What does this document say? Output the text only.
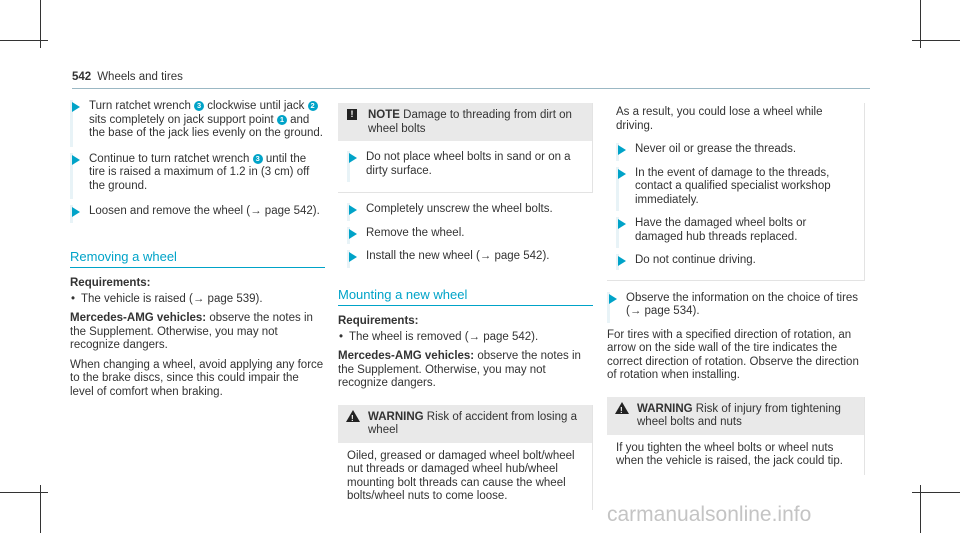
542 Wheels and tires
Turn ratchet wrench 3 clockwise until jack 2 sits completely on jack support point 1 and the base of the jack lies evenly on the ground.
Continue to turn ratchet wrench 3 until the tire is raised a maximum of 1.2 in (3 cm) off the ground.
Loosen and remove the wheel (→ page 542).
Removing a wheel
Requirements:
• The vehicle is raised (→ page 539).
Mercedes-AMG vehicles: observe the notes in the Supplement. Otherwise, you may not recognize dangers.
When changing a wheel, avoid applying any force to the brake discs, since this could impair the level of comfort when braking.
!	NOTE Damage to threading from dirt on wheel bolts
Do not place wheel bolts in sand or on a dirty surface.
Completely unscrew the wheel bolts.
Remove the wheel.
Install the new wheel (→ page 542).
Mounting a new wheel
Requirements:
• The wheel is removed (→ page 542).
Mercedes-AMG vehicles: observe the notes in the Supplement. Otherwise, you may not recognize dangers.
! WARNING Risk of accident from losing a wheel
Oiled, greased or damaged wheel bolt/wheel nut threads or damaged wheel hub/wheel mounting bolt threads can cause the wheel bolts/wheel nuts to come loose.
As a result, you could lose a wheel while driving.
Never oil or grease the threads.
In the event of damage to the threads, contact a qualified specialist workshop immediately.
Have the damaged wheel bolts or damaged hub threads replaced.
Do not continue driving.
Observe the information on the choice of tires (→ page 534).
For tires with a specified direction of rotation, an arrow on the side wall of the tire indicates the correct direction of rotation. Observe the direction of rotation when installing.
! WARNING Risk of injury from tightening wheel bolts and nuts
If you tighten the wheel bolts or wheel nuts when the vehicle is raised, the jack could tip.
carmanualsonline.info
